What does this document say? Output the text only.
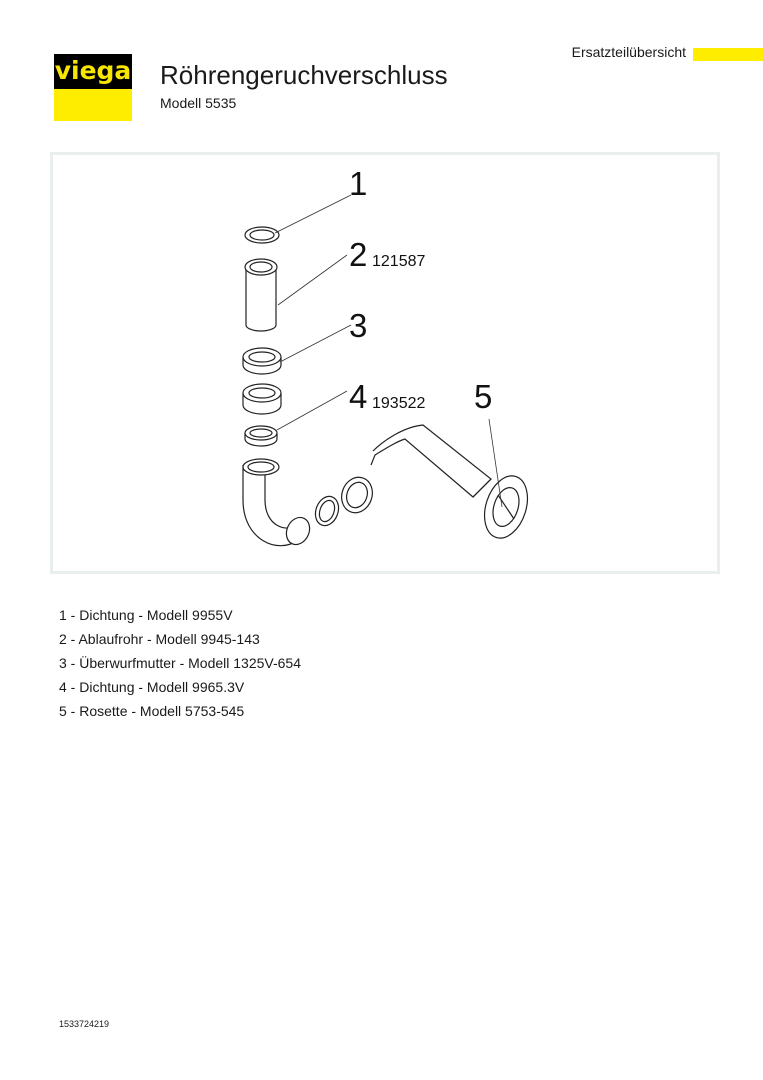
viega
Ersatzteilübersicht
Röhrengeruchverschluss
Modell 5535
1
2 121587
3
4 193522 5
1 - Dichtung - Modell 9955V
2 - Ablaufrohr - Modell 9945-143
3 - Überwurfmutter - Modell 1325V-654
4 - Dichtung - Modell 9965.3V
5 - Rosette - Modell 5753-545
1533724219
